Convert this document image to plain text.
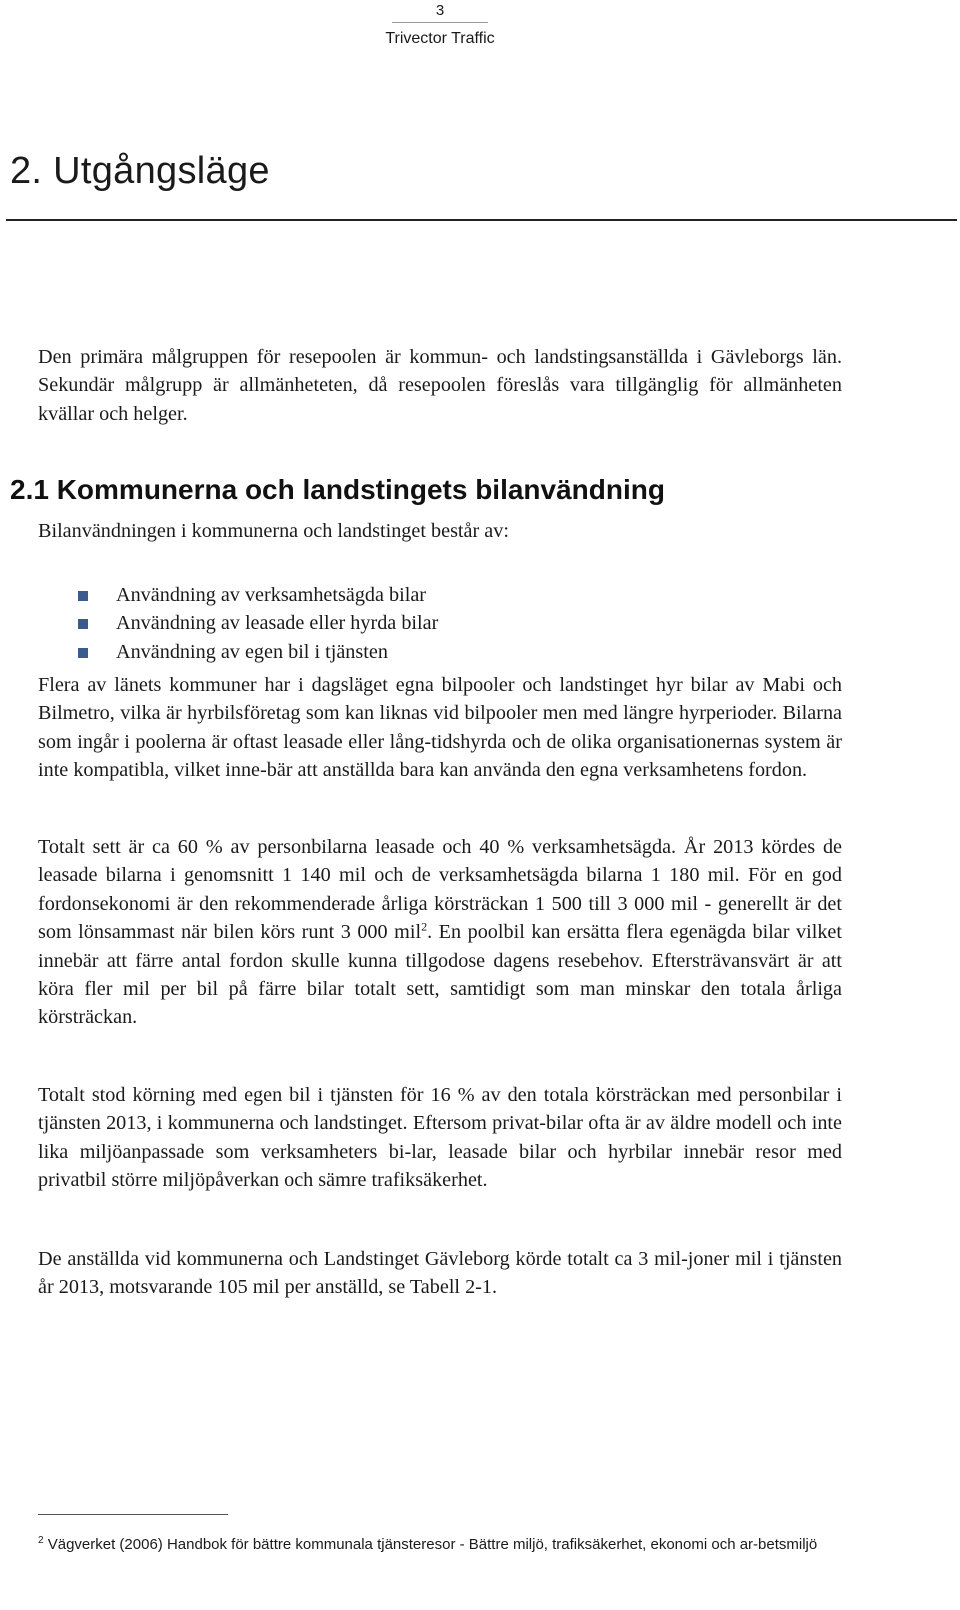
3
Trivector Traffic
2. Utgångsläge

Den primära målgruppen för resepoolen är kommun- och landstingsanställda i Gävleborgs län. Sekundär målgrupp är allmänheteten, då resepoolen föreslås vara tillgänglig för allmänheten kvällar och helger.

2.1 Kommunerna och landstingets bilanvändning

Bilanvändningen i kommunerna och landstinget består av:

Användning av verksamhetsägda bilar
Användning av leasade eller hyrda bilar
Användning av egen bil i tjänsten

Flera av länets kommuner har i dagsläget egna bilpooler och landstinget hyr bilar av Mabi och Bilmetro, vilka är hyrbilsföretag som kan liknas vid bilpooler men med längre hyrperioder. Bilarna som ingår i poolerna är oftast leasade eller lång-tidshyrda och de olika organisationernas system är inte kompatibla, vilket inne-bär att anställda bara kan använda den egna verksamhetens fordon.

Totalt sett är ca 60 % av personbilarna leasade och 40 % verksamhetsägda. År 2013 kördes de leasade bilarna i genomsnitt 1 140 mil och de verksamhetsägda bilarna 1 180 mil. För en god fordonsekonomi är den rekommenderade årliga körsträckan 1 500 till 3 000 mil - generellt är det som lönsammast när bilen körs runt 3 000 mil$^2$. En poolbil kan ersätta flera egenägda bilar vilket innebär att färre antal fordon skulle kunna tillgodose dagens resebehov. Eftersträvansvärt är att köra fler mil per bil på färre bilar totalt sett, samtidigt som man minskar den totala årliga körsträckan.

Totalt stod körning med egen bil i tjänsten för 16 % av den totala körsträckan med personbilar i tjänsten 2013, i kommunerna och landstinget. Eftersom privat-bilar ofta är av äldre modell och inte lika miljöanpassade som verksamheters bi-lar, leasade bilar och hyrbilar innebär resor med privatbil större miljöpåverkan och sämre trafiksäkerhet.

De anställda vid kommunerna och Landstinget Gävleborg körde totalt ca 3 mil-joner mil i tjänsten år 2013, motsvarande 105 mil per anställd, se Tabell 2-1.

$^2$ Vägverket (2006) Handbok för bättre kommunala tjänsteresor - Bättre miljö, trafiksäkerhet, ekonomi och ar-betsmiljö
